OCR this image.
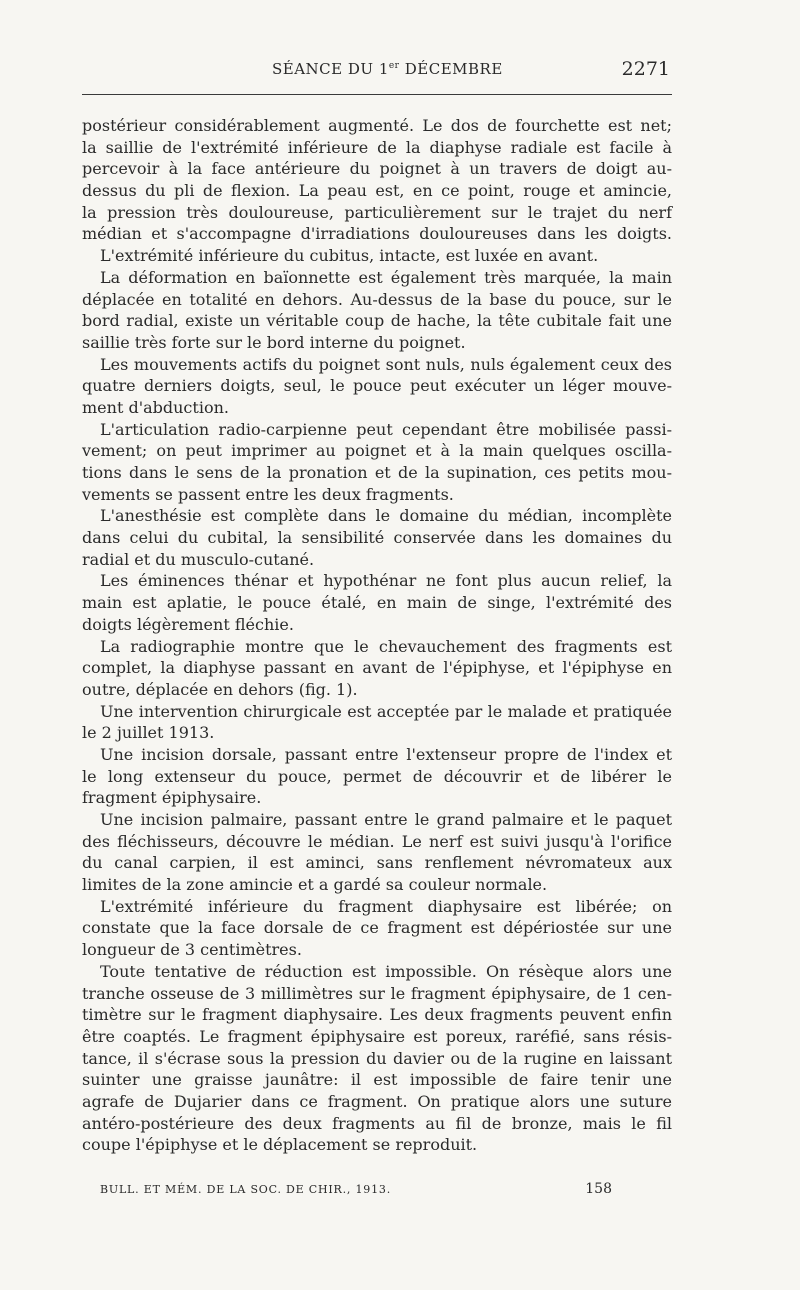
SÉANCE DU 1er DÉCEMBRE	2271
postérieur considérablement augmenté. Le dos de fourchette est net;
la saillie de l'extrémité inférieure de la diaphyse radiale est facile à
percevoir à la face antérieure du poignet à un travers de doigt au-
dessus du pli de flexion. La peau est, en ce point, rouge et amincie,
la pression très douloureuse, particulièrement sur le trajet du nerf
médian et s'accompagne d'irradiations douloureuses dans les doigts.
L'extrémité inférieure du cubitus, intacte, est luxée en avant.
La déformation en baïonnette est également très marquée, la main
déplacée en totalité en dehors. Au-dessus de la base du pouce, sur le
bord radial, existe un véritable coup de hache, la tête cubitale fait une
saillie très forte sur le bord interne du poignet.
Les mouvements actifs du poignet sont nuls, nuls également ceux des
quatre derniers doigts, seul, le pouce peut exécuter un léger mouve-
ment d'abduction.
L'articulation radio-carpienne peut cependant être mobilisée passi-
vement; on peut imprimer au poignet et à la main quelques oscilla-
tions dans le sens de la pronation et de la supination, ces petits mou-
vements se passent entre les deux fragments.
L'anesthésie est complète dans le domaine du médian, incomplète
dans celui du cubital, la sensibilité conservée dans les domaines du
radial et du musculo-cutané.
Les éminences thénar et hypothénar ne font plus aucun relief, la
main est aplatie, le pouce étalé, en main de singe, l'extrémité des
doigts légèrement fléchie.
La radiographie montre que le chevauchement des fragments est
complet, la diaphyse passant en avant de l'épiphyse, et l'épiphyse en
outre, déplacée en dehors (fig. 1).
Une intervention chirurgicale est acceptée par le malade et pratiquée
le 2 juillet 1913.
Une incision dorsale, passant entre l'extenseur propre de l'index et
le long extenseur du pouce, permet de découvrir et de libérer le
fragment épiphysaire.
Une incision palmaire, passant entre le grand palmaire et le paquet
des fléchisseurs, découvre le médian. Le nerf est suivi jusqu'à l'orifice
du canal carpien, il est aminci, sans renflement névromateux aux
limites de la zone amincie et a gardé sa couleur normale.
L'extrémité inférieure du fragment diaphysaire est libérée; on
constate que la face dorsale de ce fragment est dépériostée sur une
longueur de 3 centimètres.
Toute tentative de réduction est impossible. On résèque alors une
tranche osseuse de 3 millimètres sur le fragment épiphysaire, de 1 cen-
timètre sur le fragment diaphysaire. Les deux fragments peuvent enfin
être coaptés. Le fragment épiphysaire est poreux, raréfié, sans résis-
tance, il s'écrase sous la pression du davier ou de la rugine en laissant
suinter une graisse jaunâtre: il est impossible de faire tenir une
agrafe de Dujarier dans ce fragment. On pratique alors une suture
antéro-postérieure des deux fragments au fil de bronze, mais le fil
coupe l'épiphyse et le déplacement se reproduit.
BULL. ET MÉM. DE LA SOC. DE CHIR., 1913.	158
